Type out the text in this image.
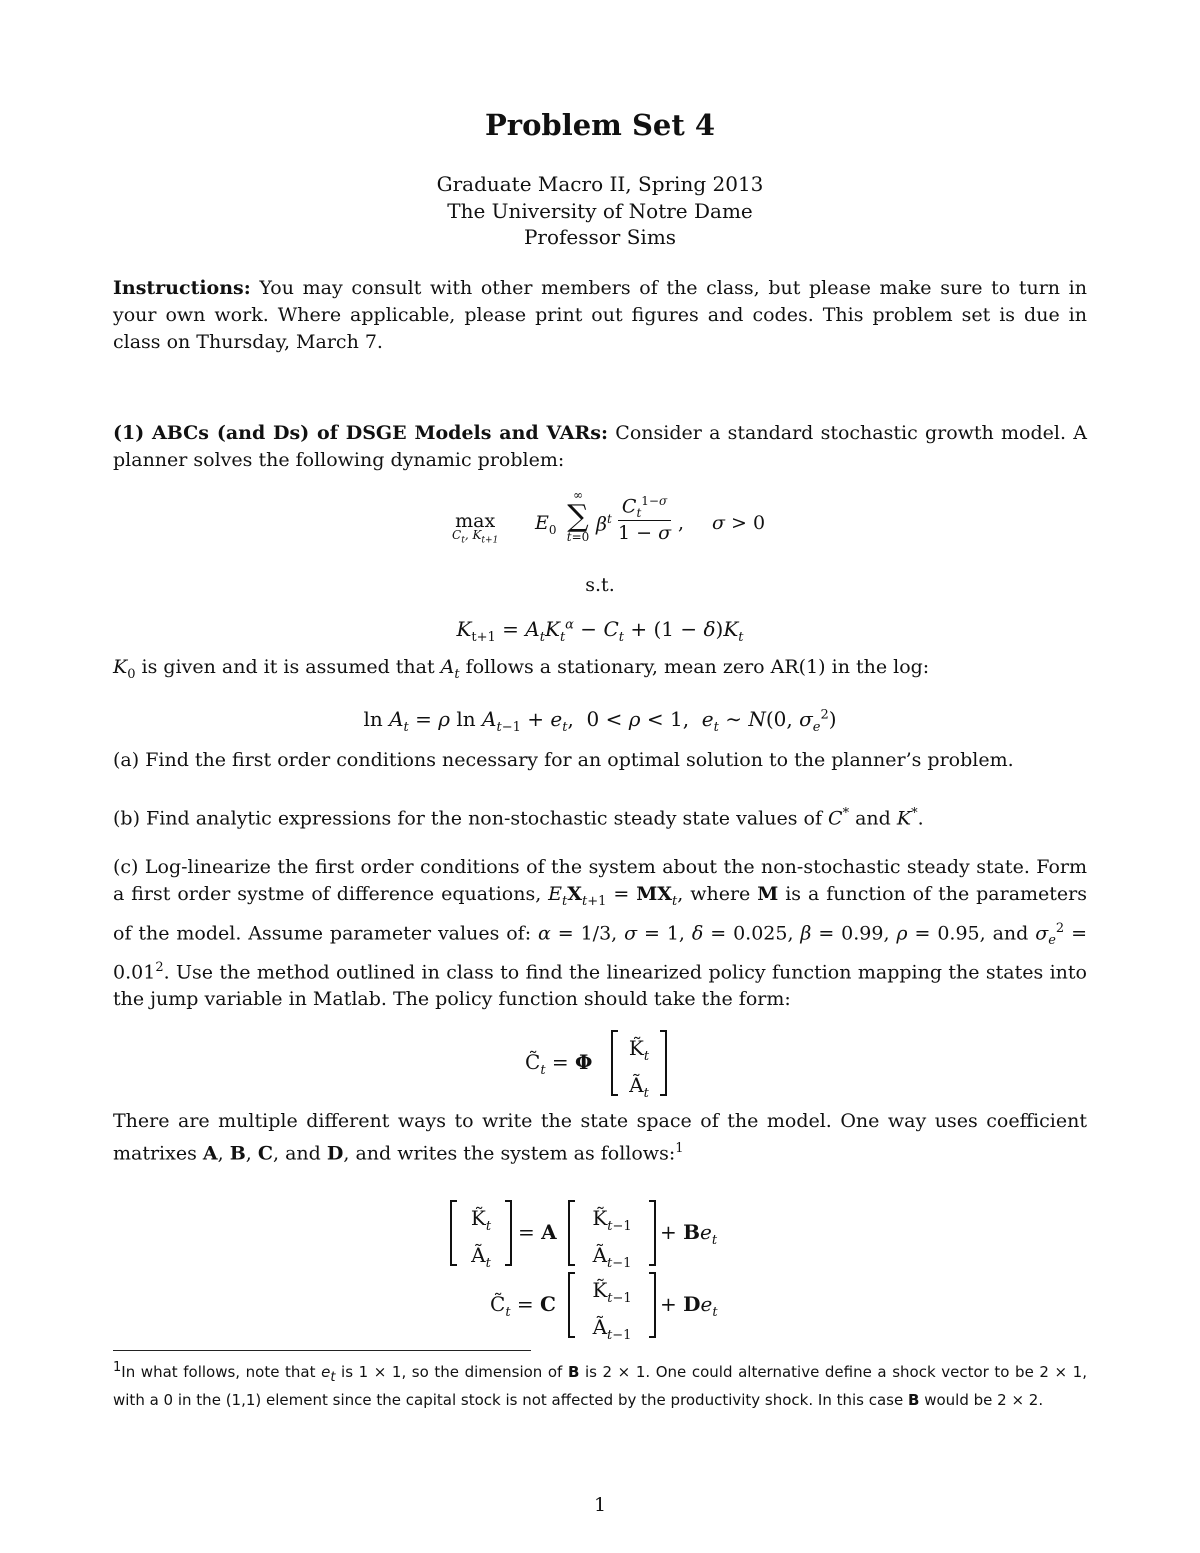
Problem Set 4
Graduate Macro II, Spring 2013
The University of Notre Dame
Professor Sims
Instructions: You may consult with other members of the class, but please make sure to turn in your own work. Where applicable, please print out figures and codes. This problem set is due in class on Thursday, March 7.
(1) ABCs (and Ds) of DSGE Models and VARs: Consider a standard stochastic growth model. A planner solves the following dynamic problem:
max
$C_t$, $K_{t+1}$
$E_0$
∞
∑
t=0
$\beta^t$
$C_t^{1-\sigma}$
1 − σ , σ > 0
s.t.
$K_{t+1} = A_tK_t^\alpha - C_t + (1 - \delta)K_t$
$K_0$ is given and it is assumed that $A_t$ follows a stationary, mean zero AR(1) in the log:
$\ln A_t = \rho$ $\ln A_{t-1} + e_t$,  0 < ρ < 1,  $e_t$ ∼ N(0, $\sigma_e^2$)
(a) Find the first order conditions necessary for an optimal solution to the planner’s problem.
(b) Find analytic expressions for the non-stochastic steady state values of C* and K*.
(c) Log-linearize the first order conditions of the system about the non-stochastic steady state. Form a first order systme of difference equations, $E_tX_{t+1} = MX_t$, where M is a function of the parameters of the model. Assume parameter values of: α = 1/3, σ = 1, δ = 0.025, β = 0.99, ρ = 0.95, and $\sigma_e^2 = 0.01^2$. Use the method outlined in class to find the linearized policy function mapping the states into the jump variable in Matlab. The policy function should take the form:
$C̃_t = \Phi$
$K̃_t$
$Ã_t$
There are multiple different ways to write the state space of the model. One way uses coefficient matrixes A, B, C, and D, and writes the system as follows:$^1$
$K̃_t$
$Ã_t$
= A
$K̃_{t-1}$
$Ã_{t-1}$
+ $Be_t$
$C̃_t = C$
$K̃_{t-1}$
$Ã_{t-1}$
+ $De_t$
$^1$In what follows, note that $e_t$ is 1 × 1, so the dimension of B is 2 × 1. One could alternative define a shock vector to be 2 × 1, with a 0 in the (1,1) element since the capital stock is not affected by the productivity shock. In this case B would be 2 × 2.
1
